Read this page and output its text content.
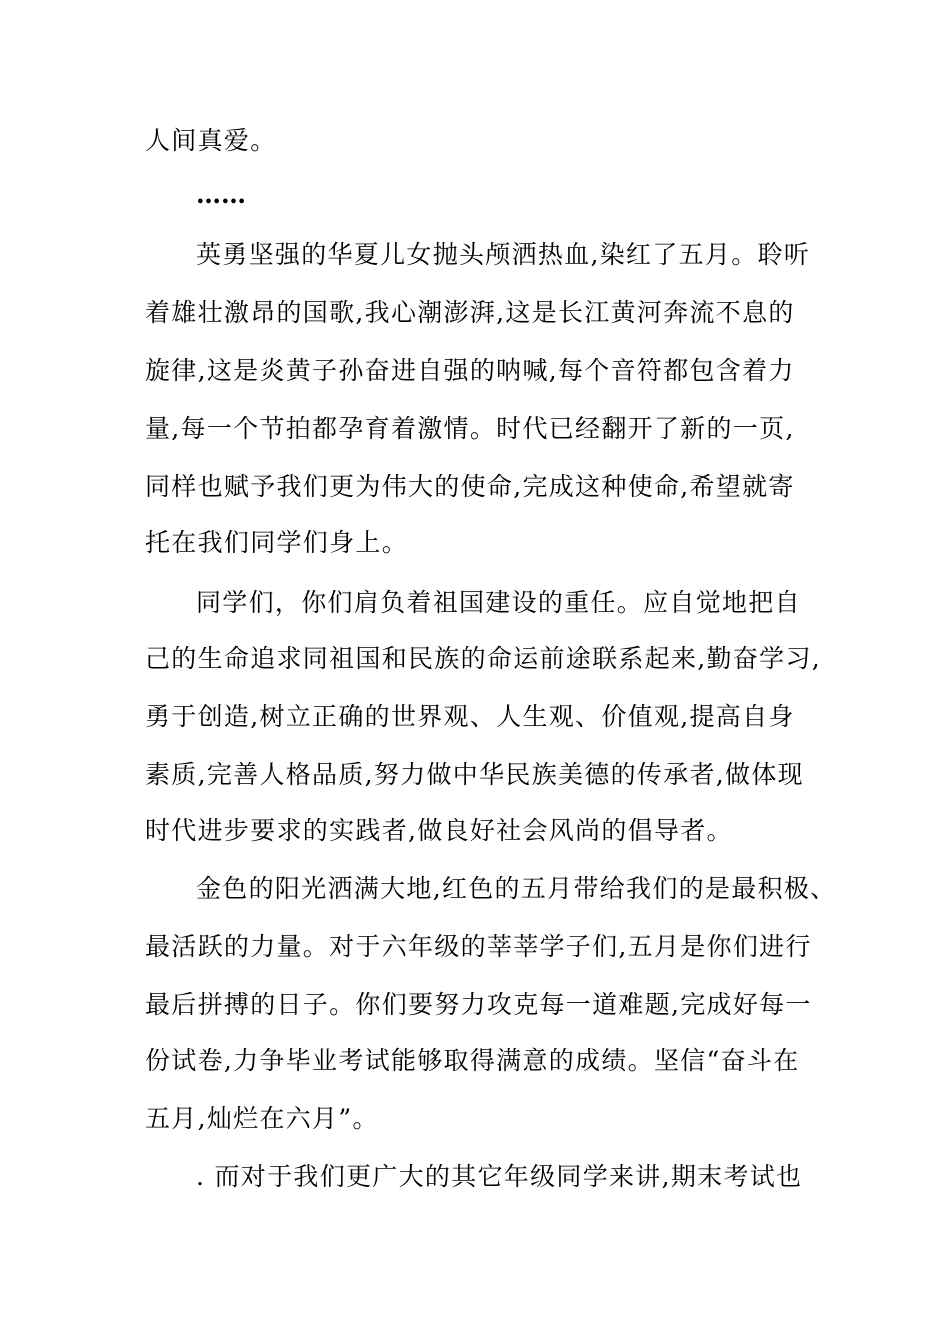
人间真爱。
……
英勇坚强的华夏儿女抛头颅洒热血,染红了五月。聆听
着雄壮激昂的国歌,我心潮澎湃,这是长江黄河奔流不息的
旋律,这是炎黄子孙奋进自强的呐喊,每个音符都包含着力
量,每一个节拍都孕育着激情。时代已经翻开了新的一页,
同样也赋予我们更为伟大的使命,完成这种使命,希望就寄
托在我们同学们身上。
同学们，你们肩负着祖国建设的重任。应自觉地把自
己的生命追求同祖国和民族的命运前途联系起来,勤奋学习,
勇于创造,树立正确的世界观、人生观、价值观,提高自身
素质,完善人格品质,努力做中华民族美德的传承者,做体现
时代进步要求的实践者,做良好社会风尚的倡导者。
金色的阳光洒满大地,红色的五月带给我们的是最积极、
最活跃的力量。对于六年级的莘莘学子们,五月是你们进行
最后拼搏的日子。你们要努力攻克每一道难题,完成好每一
份试卷,力争毕业考试能够取得满意的成绩。坚信“奋斗在
五月,灿烂在六月”。
. 而对于我们更广大的其它年级同学来讲,期末考试也
